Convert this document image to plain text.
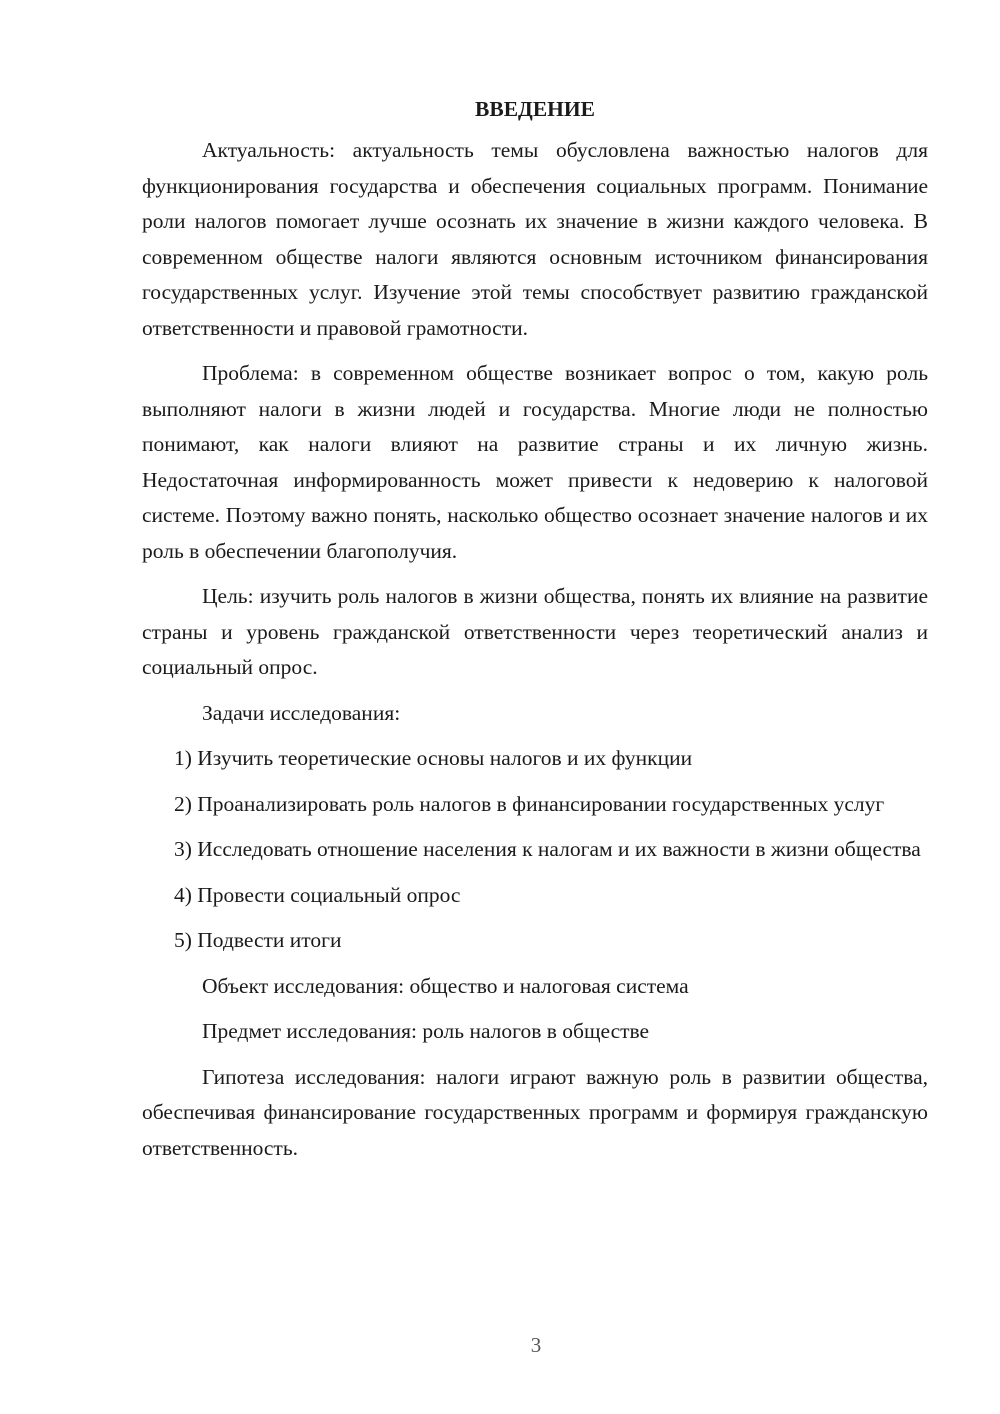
ВВЕДЕНИЕ

Актуальность: актуальность темы обусловлена важностью налогов для функционирования государства и обеспечения социальных программ. Понимание роли налогов помогает лучше осознать их значение в жизни каждого человека. В современном обществе налоги являются основным источником финансирования государственных услуг. Изучение этой темы способствует развитию гражданской ответственности и правовой грамотности.

Проблема: в современном обществе возникает вопрос о том, какую роль выполняют налоги в жизни людей и государства. Многие люди не полностью понимают, как налоги влияют на развитие страны и их личную жизнь. Недостаточная информированность может привести к недоверию к налоговой системе. Поэтому важно понять, насколько общество осознает значение налогов и их роль в обеспечении благополучия.

Цель: изучить роль налогов в жизни общества, понять их влияние на развитие страны и уровень гражданской ответственности через теоретический анализ и социальный опрос.

Задачи исследования:

1) Изучить теоретические основы налогов и их функции

2) Проанализировать роль налогов в финансировании государственных услуг

3) Исследовать отношение населения к налогам и их важности в жизни общества

4) Провести социальный опрос

5) Подвести итоги

Объект исследования: общество и налоговая система

Предмет исследования: роль налогов в обществе

Гипотеза исследования: налоги играют важную роль в развитии общества, обеспечивая финансирование государственных программ и формируя гражданскую ответственность.

3
